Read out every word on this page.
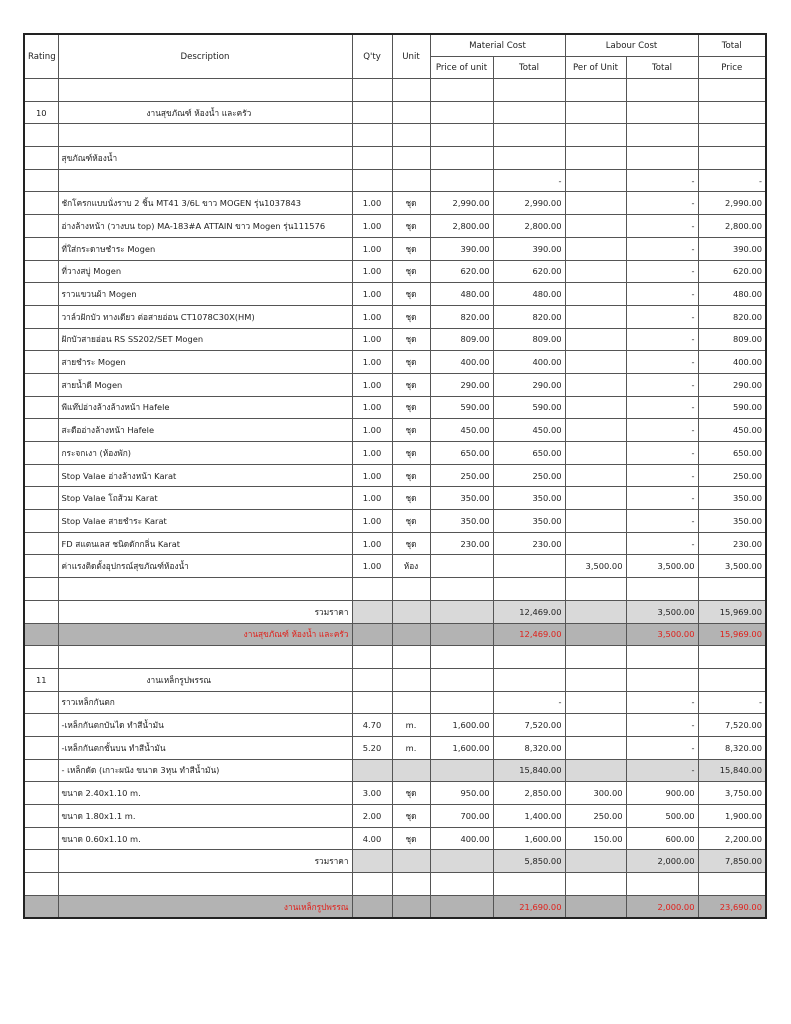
Rating	Description	Q'ty	Unit	Material Cost		Labour Cost		Total
				Price of unit	Total	Per of Unit	Total	Price

10	งานสุขภัณฑ์ ห้องน้ำ และครัว							

	สุขภัณฑ์ห้องน้ำ							
					-		-	-
	ชักโครกแบบนั่งราบ 2 ชิ้น MT41 3/6L ขาว MOGEN รุ่น1037843	1.00	ชุด	2,990.00	2,990.00		-	2,990.00
	อ่างล้างหน้า (วางบน top) MA-183#A ATTAIN ขาว Mogen รุ่น111576	1.00	ชุด	2,800.00	2,800.00		-	2,800.00
	ที่ใส่กระดาษชำระ Mogen	1.00	ชุด	390.00	390.00		-	390.00
	ที่วางสบู่ Mogen	1.00	ชุด	620.00	620.00		-	620.00
	ราวแขวนผ้า Mogen	1.00	ชุด	480.00	480.00		-	480.00
	วาล์วฝักบัว ทางเดียว ต่อสายอ่อน CT1078C30X(HM)	1.00	ชุด	820.00	820.00		-	820.00
	ฝักบัวสายอ่อน RS SS202/SET Mogen	1.00	ชุด	809.00	809.00		-	809.00
	สายชำระ Mogen	1.00	ชุด	400.00	400.00		-	400.00
	สายน้ำดี Mogen	1.00	ชุด	290.00	290.00		-	290.00
	พีแท๊ปอ่างล้างล้างหน้า Hafele	1.00	ชุด	590.00	590.00		-	590.00
	สะดืออ่างล้างหน้า Hafele	1.00	ชุด	450.00	450.00		-	450.00
	กระจกเงา (ห้องพัก)	1.00	ชุด	650.00	650.00		-	650.00
	Stop Valae อ่างล้างหน้า Karat	1.00	ชุด	250.00	250.00		-	250.00
	Stop Valae โถส้วม Karat	1.00	ชุด	350.00	350.00		-	350.00
	Stop Valae สายชำระ Karat	1.00	ชุด	350.00	350.00		-	350.00
	FD สแตนเลส ชนิดดักกลิ่น Karat	1.00	ชุด	230.00	230.00		-	230.00
	ค่าแรงติดตั้งอุปกรณ์สุขภัณฑ์ห้องน้ำ	1.00	ห้อง			3,500.00	3,500.00	3,500.00

	รวมราคา				12,469.00		3,500.00	15,969.00
	งานสุขภัณฑ์ ห้องน้ำ และครัว				12,469.00		3,500.00	15,969.00

11	งานเหล็กรูปพรรณ							
	ราวเหล็กกันตก				-		-	-
	-เหล็กกันตกบันได ทำสีน้ำมัน	4.70	m.	1,600.00	7,520.00		-	7,520.00
	-เหล็กกันตกชั้นบน ทำสีน้ำมัน	5.20	m.	1,600.00	8,320.00		-	8,320.00
	- เหล็กดัด (เกาะผนัง ขนาด 3หุน ทำสีน้ำมัน)				15,840.00		-	15,840.00
	ขนาด 2.40x1.10 m.	3.00	ชุด	950.00	2,850.00	300.00	900.00	3,750.00
	ขนาด 1.80x1.1 m.	2.00	ชุด	700.00	1,400.00	250.00	500.00	1,900.00
	ขนาด 0.60x1.10 m.	4.00	ชุด	400.00	1,600.00	150.00	600.00	2,200.00
	รวมราคา				5,850.00		2,000.00	7,850.00

	งานเหล็กรูปพรรณ				21,690.00		2,000.00	23,690.00
